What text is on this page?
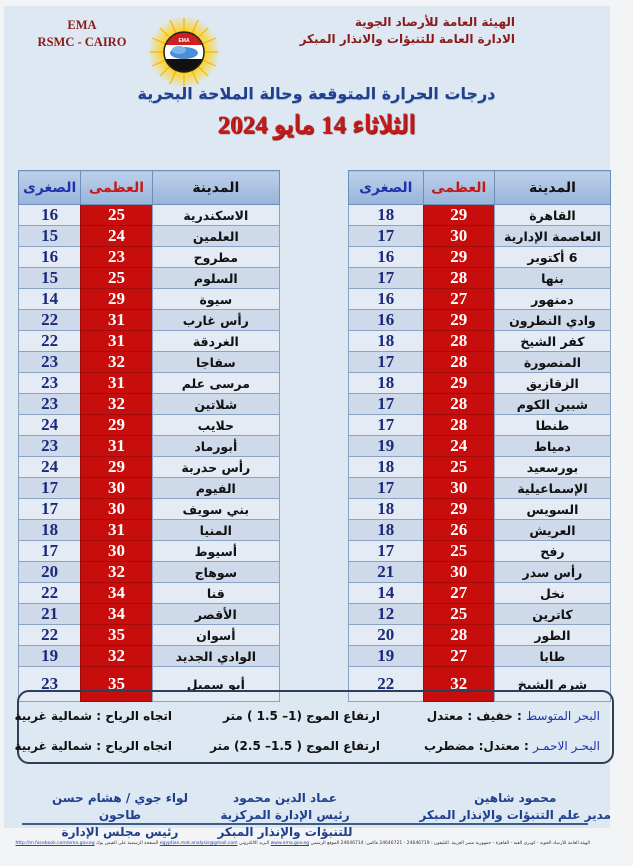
الهيئة العامة للأرصاد الجوية
الادارة العامة للتنبؤات والانذار المبكر
EMA
RSMC - CAIRO	EMA
درجات الحرارة المتوقعة وحالة الملاحة البحرية
الثلاثاء 14 مايو 2024
المدينة	العظمى	الصغرى
القاهرة	29	18
العاصمة الإدارية	30	17
6 أكتوبر	29	16
بنها	28	17
دمنهور	27	16
وادي النطرون	29	16
كفر الشيخ	28	18
المنصورة	28	17
الزقازيق	29	18
شبين الكوم	28	17
طنطا	28	17
دمياط	24	19
بورسعيد	25	18
الإسماعيلية	30	17
السويس	29	18
العريش	26	18
رفح	25	17
رأس سدر	30	21
نخل	27	14
كاترين	25	12
الطور	28	20
طابا	27	19
شرم الشيخ	32	22
المدينة	العظمى	الصغرى
الاسكندرية	25	16
العلمين	24	15
مطروح	23	16
السلوم	25	15
سيوة	29	14
رأس غارب	31	22
الغردقة	31	22
سفاجا	32	23
مرسى علم	31	23
شلاتين	32	23
حلايب	29	24
أبورماد	31	23
رأس حدربة	29	24
الفيوم	30	17
بني سويف	30	17
المنيا	31	18
أسيوط	30	17
سوهاج	32	20
قنا	34	22
الأقصر	34	21
أسوان	35	22
الوادي الجديد	32	19
أبو سمبل	35	23
البحر المتوسط : خفيف : معتدل
ارتفاع الموج (1– 1.5 ) متر
اتجاه الرياح : شمالية غربية
البحـر الاحمـر : معتدل: مضطرب
ارتفاع الموج ( 1.5– 2.5) متر
اتجاه الرياح : شمالية غربية
محمود شاهين
مدير علم التنبؤات والإنذار المبكر
عماد الدين محمود
رئيس الإدارة المركزية للتنبؤات والإنذار المبكر
لواء جوي / هشام حسن طاحون
رئيس مجلس الإدارة
الهيئة العامة للأرصاد الجوية - كوبري القبة - القاهرة - جمهورية مصر العربية. التليفون : 24646719 - 24646721 فاكس: 24646714 الموقع الرسمي www.ema.gov.eg البريد الالكتروني egyptian.met.analysis@gmail.com الصفحة الرسمية على الفيس بوك http://m.facebook.com/ema.gov.eg
